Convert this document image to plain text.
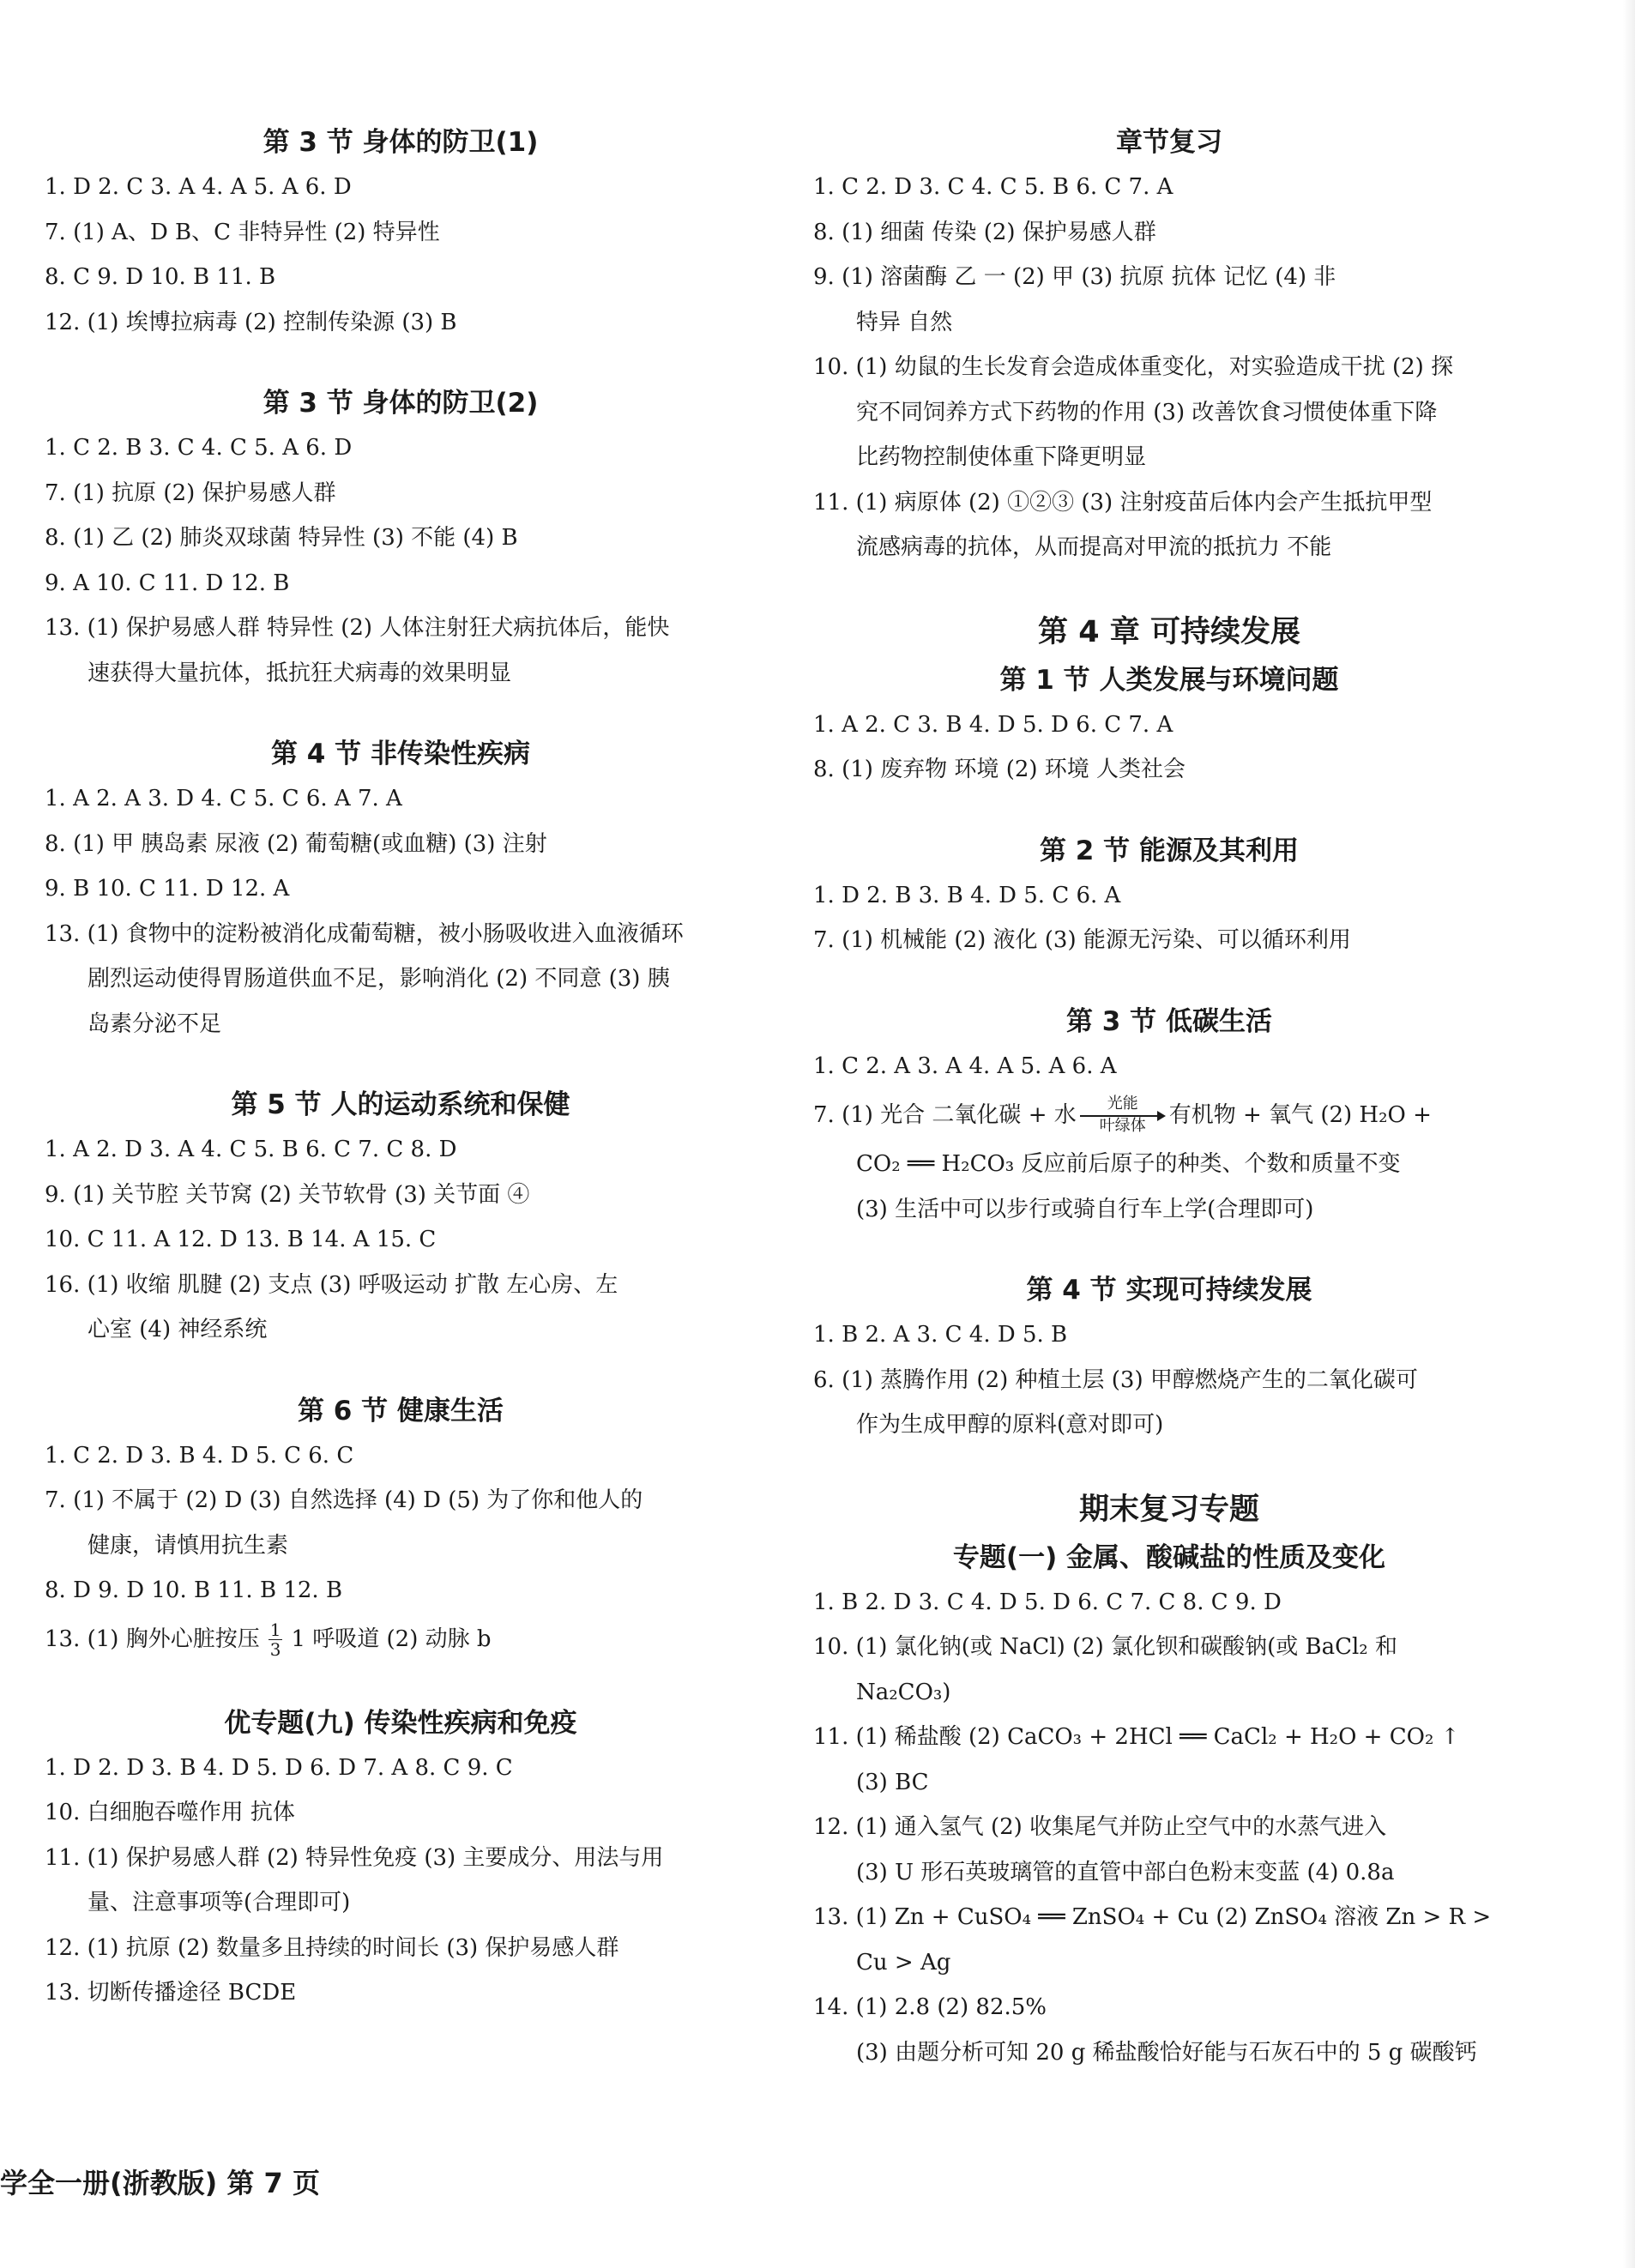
第 3 节 身体的防卫(1)
1. D 2. C 3. A 4. A 5. A 6. D
7. (1) A、D B、C 非特异性 (2) 特异性
8. C 9. D 10. B 11. B
12. (1) 埃博拉病毒 (2) 控制传染源 (3) B
第 3 节 身体的防卫(2)
1. C 2. B 3. C 4. C 5. A 6. D
7. (1) 抗原 (2) 保护易感人群
8. (1) 乙 (2) 肺炎双球菌 特异性 (3) 不能 (4) B
9. A 10. C 11. D 12. B
13. (1) 保护易感人群 特异性 (2) 人体注射狂犬病抗体后，能快
速获得大量抗体，抵抗狂犬病毒的效果明显
第 4 节 非传染性疾病
1. A 2. A 3. D 4. C 5. C 6. A 7. A
8. (1) 甲 胰岛素 尿液 (2) 葡萄糖(或血糖) (3) 注射
9. B 10. C 11. D 12. A
13. (1) 食物中的淀粉被消化成葡萄糖，被小肠吸收进入血液循环
剧烈运动使得胃肠道供血不足，影响消化 (2) 不同意 (3) 胰
岛素分泌不足
第 5 节 人的运动系统和保健
1. A 2. D 3. A 4. C 5. B 6. C 7. C 8. D
9. (1) 关节腔 关节窝 (2) 关节软骨 (3) 关节面 ④
10. C 11. A 12. D 13. B 14. A 15. C
16. (1) 收缩 肌腱 (2) 支点 (3) 呼吸运动 扩散 左心房、左
心室 (4) 神经系统
第 6 节 健康生活
1. C 2. D 3. B 4. D 5. C 6. C
7. (1) 不属于 (2) D (3) 自然选择 (4) D (5) 为了你和他人的
健康，请慎用抗生素
8. D 9. D 10. B 11. B 12. B
13. (1) 胸外心脏按压 $\frac{1}{3} 1$ 呼吸道 (2) 动脉 b
优专题(九) 传染性疾病和免疫
1. D 2. D 3. B 4. D 5. D 6. D 7. A 8. C 9. C
10. 白细胞吞噬作用 抗体
11. (1) 保护易感人群 (2) 特异性免疫 (3) 主要成分、用法与用
量、注意事项等(合理即可)
12. (1) 抗原 (2) 数量多且持续的时间长 (3) 保护易感人群
13. 切断传播途径 BCDE
章节复习
1. C 2. D 3. C 4. C 5. B 6. C 7. A
8. (1) 细菌 传染 (2) 保护易感人群
9. (1) 溶菌酶 乙 一 (2) 甲 (3) 抗原 抗体 记忆 (4) 非
特异 自然
10. (1) 幼鼠的生长发育会造成体重变化，对实验造成干扰 (2) 探
究不同饲养方式下药物的作用 (3) 改善饮食习惯使体重下降
比药物控制使体重下降更明显
11. (1) 病原体 (2) ①②③ (3) 注射疫苗后体内会产生抵抗甲型
流感病毒的抗体，从而提高对甲流的抵抗力 不能
第 4 章 可持续发展
第 1 节 人类发展与环境问题
1. A 2. C 3. B 4. D 5. D 6. C 7. A
8. (1) 废弃物 环境 (2) 环境 人类社会
第 2 节 能源及其利用
1. D 2. B 3. B 4. D 5. C 6. A
7. (1) 机械能 (2) 液化 (3) 能源无污染、可以循环利用
第 3 节 低碳生活
1. C 2. A 3. A 4. A 5. A 6. A
7. (1) 光合 二氧化碳 + 水	光能
叶绿体	有机物 + 氧气 (2) H₂O +
CO₂ ══ H₂CO₃ 反应前后原子的种类、个数和质量不变
(3) 生活中可以步行或骑自行车上学(合理即可)
第 4 节 实现可持续发展
1. B 2. A 3. C 4. D 5. B
6. (1) 蒸腾作用 (2) 种植土层 (3) 甲醇燃烧产生的二氧化碳可
作为生成甲醇的原料(意对即可)
期末复习专题
专题(一) 金属、酸碱盐的性质及变化
1. B 2. D 3. C 4. D 5. D 6. C 7. C 8. C 9. D
10. (1) 氯化钠(或 NaCl) (2) 氯化钡和碳酸钠(或 BaCl₂ 和
Na₂CO₃)
11. (1) 稀盐酸 (2) CaCO₃ + 2HCl ══ CaCl₂ + H₂O + CO₂ ↑
(3) BC
12. (1) 通入氢气 (2) 收集尾气并防止空气中的水蒸气进入
(3) U 形石英玻璃管的直管中部白色粉末变蓝 (4) 0.8a
13. (1) Zn + CuSO₄ ══ ZnSO₄ + Cu (2) ZnSO₄ 溶液 Zn > R >
Cu > Ag
14. (1) 2.8 (2) 82.5%
(3) 由题分析可知 20 g 稀盐酸恰好能与石灰石中的 5 g 碳酸钙
学全一册(浙教版) 第 7 页
